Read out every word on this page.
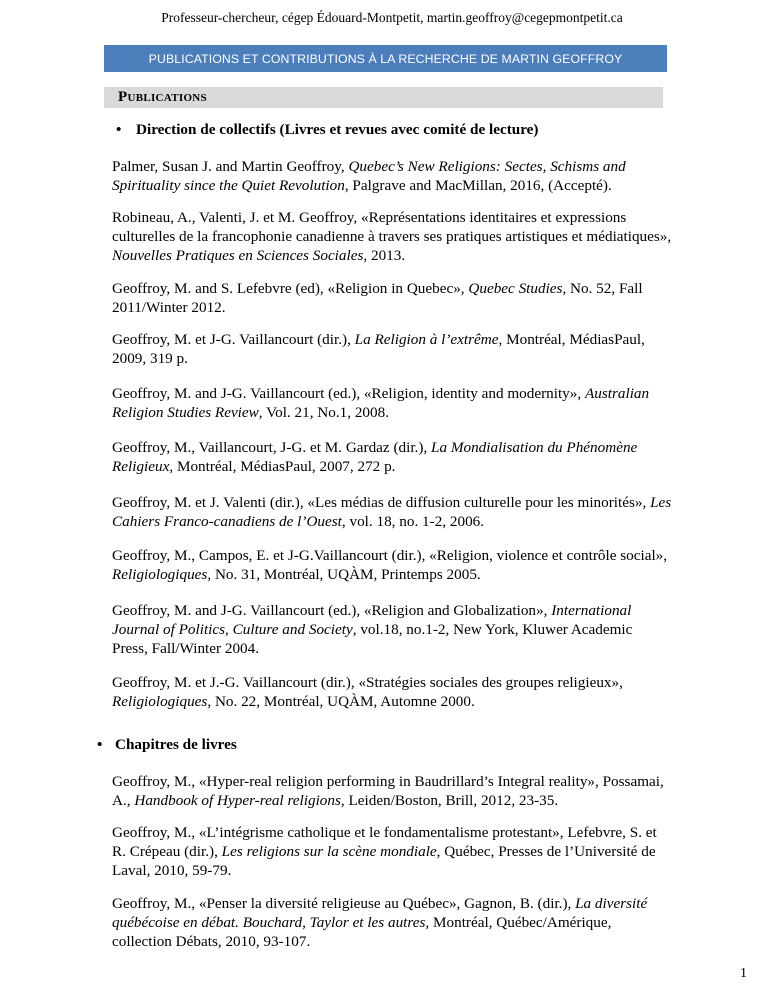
Professeur-chercheur, cégep Édouard-Montpetit, martin.geoffroy@cegepmontpetit.ca
PUBLICATIONS ET CONTRIBUTIONS À LA RECHERCHE DE MARTIN GEOFFROY
Publications
• Direction de collectifs (Livres et revues avec comité de lecture)
Palmer, Susan J. and Martin Geoffroy, Quebec’s New Religions: Sectes, Schisms and Spirituality since the Quiet Revolution, Palgrave and MacMillan, 2016, (Accepté).
Robineau, A., Valenti, J. et M. Geoffroy, «Représentations identitaires et expressions culturelles de la francophonie canadienne à travers ses pratiques artistiques et médiatiques», Nouvelles Pratiques en Sciences Sociales, 2013.
Geoffroy, M. and S. Lefebvre (ed), «Religion in Quebec», Quebec Studies, No. 52, Fall 2011/Winter 2012.
Geoffroy, M. et J-G. Vaillancourt (dir.), La Religion à l’extrême, Montréal, MédiasPaul, 2009, 319 p.
Geoffroy, M. and J-G. Vaillancourt (ed.), «Religion, identity and modernity», Australian Religion Studies Review, Vol. 21, No.1, 2008.
Geoffroy, M., Vaillancourt, J-G. et M. Gardaz (dir.), La Mondialisation du Phénomène Religieux, Montréal, MédiasPaul, 2007, 272 p.
Geoffroy, M. et J. Valenti (dir.), «Les médias de diffusion culturelle pour les minorités», Les Cahiers Franco-canadiens de l’Ouest, vol. 18, no. 1-2, 2006.
Geoffroy, M., Campos, E. et J-G.Vaillancourt (dir.), «Religion, violence et contrôle social», Religiologiques, No. 31, Montréal, UQÀM, Printemps 2005.
Geoffroy, M. and J-G. Vaillancourt (ed.), «Religion and Globalization», International Journal of Politics, Culture and Society, vol.18, no.1-2, New York, Kluwer Academic Press, Fall/Winter 2004.
Geoffroy, M. et J.-G. Vaillancourt (dir.), «Stratégies sociales des groupes religieux», Religiologiques, No. 22, Montréal, UQÀM, Automne 2000.
• Chapitres de livres
Geoffroy, M., «Hyper-real religion performing in Baudrillard’s Integral reality», Possamai, A., Handbook of Hyper-real religions, Leiden/Boston, Brill, 2012, 23-35.
Geoffroy, M., «L’intégrisme catholique et le fondamentalisme protestant», Lefebvre, S. et R. Crépeau (dir.), Les religions sur la scène mondiale, Québec, Presses de l’Université de Laval, 2010, 59-79.
Geoffroy, M., «Penser la diversité religieuse au Québec», Gagnon, B. (dir.), La diversité québécoise en débat. Bouchard, Taylor et les autres, Montréal, Québec/Amérique, collection Débats, 2010, 93-107.
1
